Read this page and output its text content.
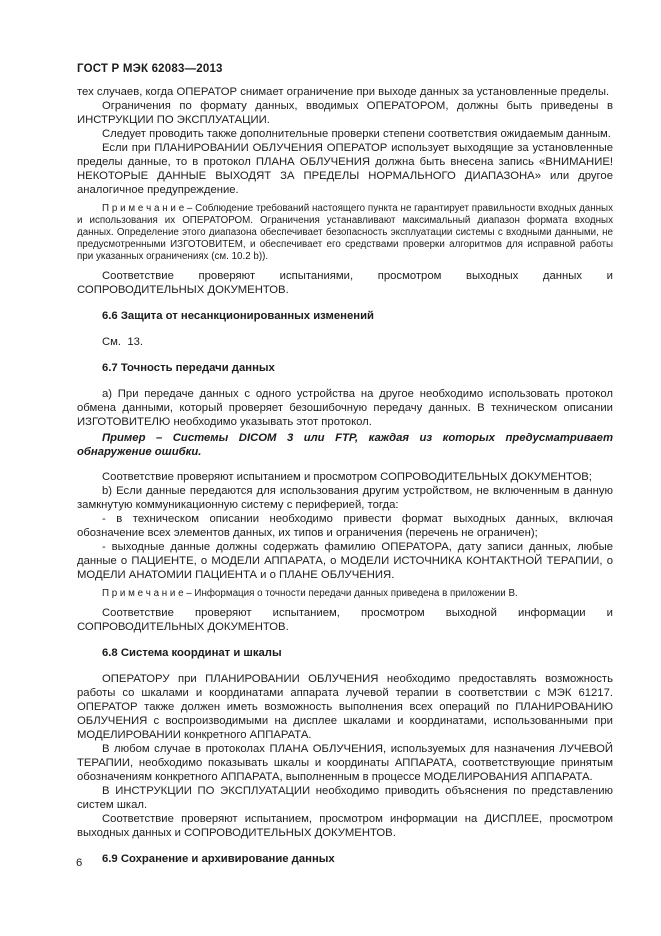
ГОСТ Р МЭК 62083—2013

тех случаев, когда ОПЕРАТОР снимает ограничение при выходе данных за установленные пределы.

Ограничения по формату данных, вводимых ОПЕРАТОРОМ, должны быть приведены в ИНСТРУКЦИИ ПО ЭКСПЛУАТАЦИИ.

Следует проводить также дополнительные проверки степени соответствия ожидаемым данным.

Если при ПЛАНИРОВАНИИ ОБЛУЧЕНИЯ ОПЕРАТОР использует выходящие за установленные пределы данные, то в протокол ПЛАНА ОБЛУЧЕНИЯ должна быть внесена запись «ВНИМАНИЕ! НЕКОТОРЫЕ ДАННЫЕ ВЫХОДЯТ ЗА ПРЕДЕЛЫ НОРМАЛЬНОГО ДИАПАЗОНА» или другое аналогичное предупреждение.

П р и м е ч а н и е – Соблюдение требований настоящего пункта не гарантирует правильности входных данных и использования их ОПЕРАТОРОМ. Ограничения устанавливают максимальный диапазон формата входных данных. Определение этого диапазона обеспечивает безопасность эксплуатации системы с входными данными, не предусмотренными ИЗГОТОВИТЕМ, и обеспечивает его средствами проверки алгоритмов для исправной работы при указанных ограничениях (см. 10.2 b)).

Соответствие проверяют испытаниями, просмотром выходных данных и СОПРОВОДИТЕЛЬНЫХ ДОКУМЕНТОВ.

6.6 Защита от несанкционированных изменений

См.  13.

6.7 Точность передачи данных

а) При передаче данных с одного устройства на другое необходимо использовать протокол обмена данными, который проверяет безошибочную передачу данных. В техническом описании ИЗГОТОВИТЕЛЮ необходимо указывать этот протокол.

Пример – Системы DICOM 3 или FTP, каждая из которых предусматривает обнаружение ошибки.

Соответствие проверяют испытанием и просмотром СОПРОВОДИТЕЛЬНЫХ ДОКУМЕНТОВ;

b) Если данные передаются для использования другим устройством, не включенным в данную замкнутую коммуникационную систему с периферией, тогда:

- в техническом описании необходимо привести формат выходных данных, включая обозначение всех элементов данных, их типов и ограничения (перечень не ограничен);

- выходные данные должны содержать фамилию ОПЕРАТОРА, дату записи данных, любые данные о ПАЦИЕНТЕ, о МОДЕЛИ АППАРАТА, о МОДЕЛИ ИСТОЧНИКА КОНТАКТНОЙ ТЕРАПИИ, о МОДЕЛИ АНАТОМИИ ПАЦИЕНТА и о ПЛАНЕ ОБЛУЧЕНИЯ.

П р и м е ч а н и е – Информация о точности передачи данных приведена в приложении В.

Соответствие проверяют испытанием, просмотром выходной информации и СОПРОВОДИТЕЛЬНЫХ ДОКУМЕНТОВ.

6.8 Система координат и шкалы

ОПЕРАТОРУ при ПЛАНИРОВАНИИ ОБЛУЧЕНИЯ необходимо предоставлять возможность работы со шкалами и координатами аппарата лучевой терапии в соответствии с МЭК 61217. ОПЕРАТОР также должен иметь возможность выполнения всех операций по ПЛАНИРОВАНИЮ ОБЛУЧЕНИЯ с воспроизводимыми на дисплее шкалами и координатами, использованными при МОДЕЛИРОВАНИИ конкретного АППАРАТА.

В любом случае в протоколах ПЛАНА ОБЛУЧЕНИЯ, используемых для назначения ЛУЧЕВОЙ ТЕРАПИИ, необходимо показывать шкалы и координаты АППАРАТА, соответствующие принятым обозначениям конкретного АППАРАТА, выполненным в процессе МОДЕЛИРОВАНИЯ АППАРАТА.

В ИНСТРУКЦИИ ПО ЭКСПЛУАТАЦИИ необходимо приводить объяснения по представлению систем шкал.

Соответствие проверяют испытанием, просмотром информации на ДИСПЛЕЕ, просмотром выходных данных и СОПРОВОДИТЕЛЬНЫХ ДОКУМЕНТОВ.

6.9 Сохранение и архивирование данных

6
